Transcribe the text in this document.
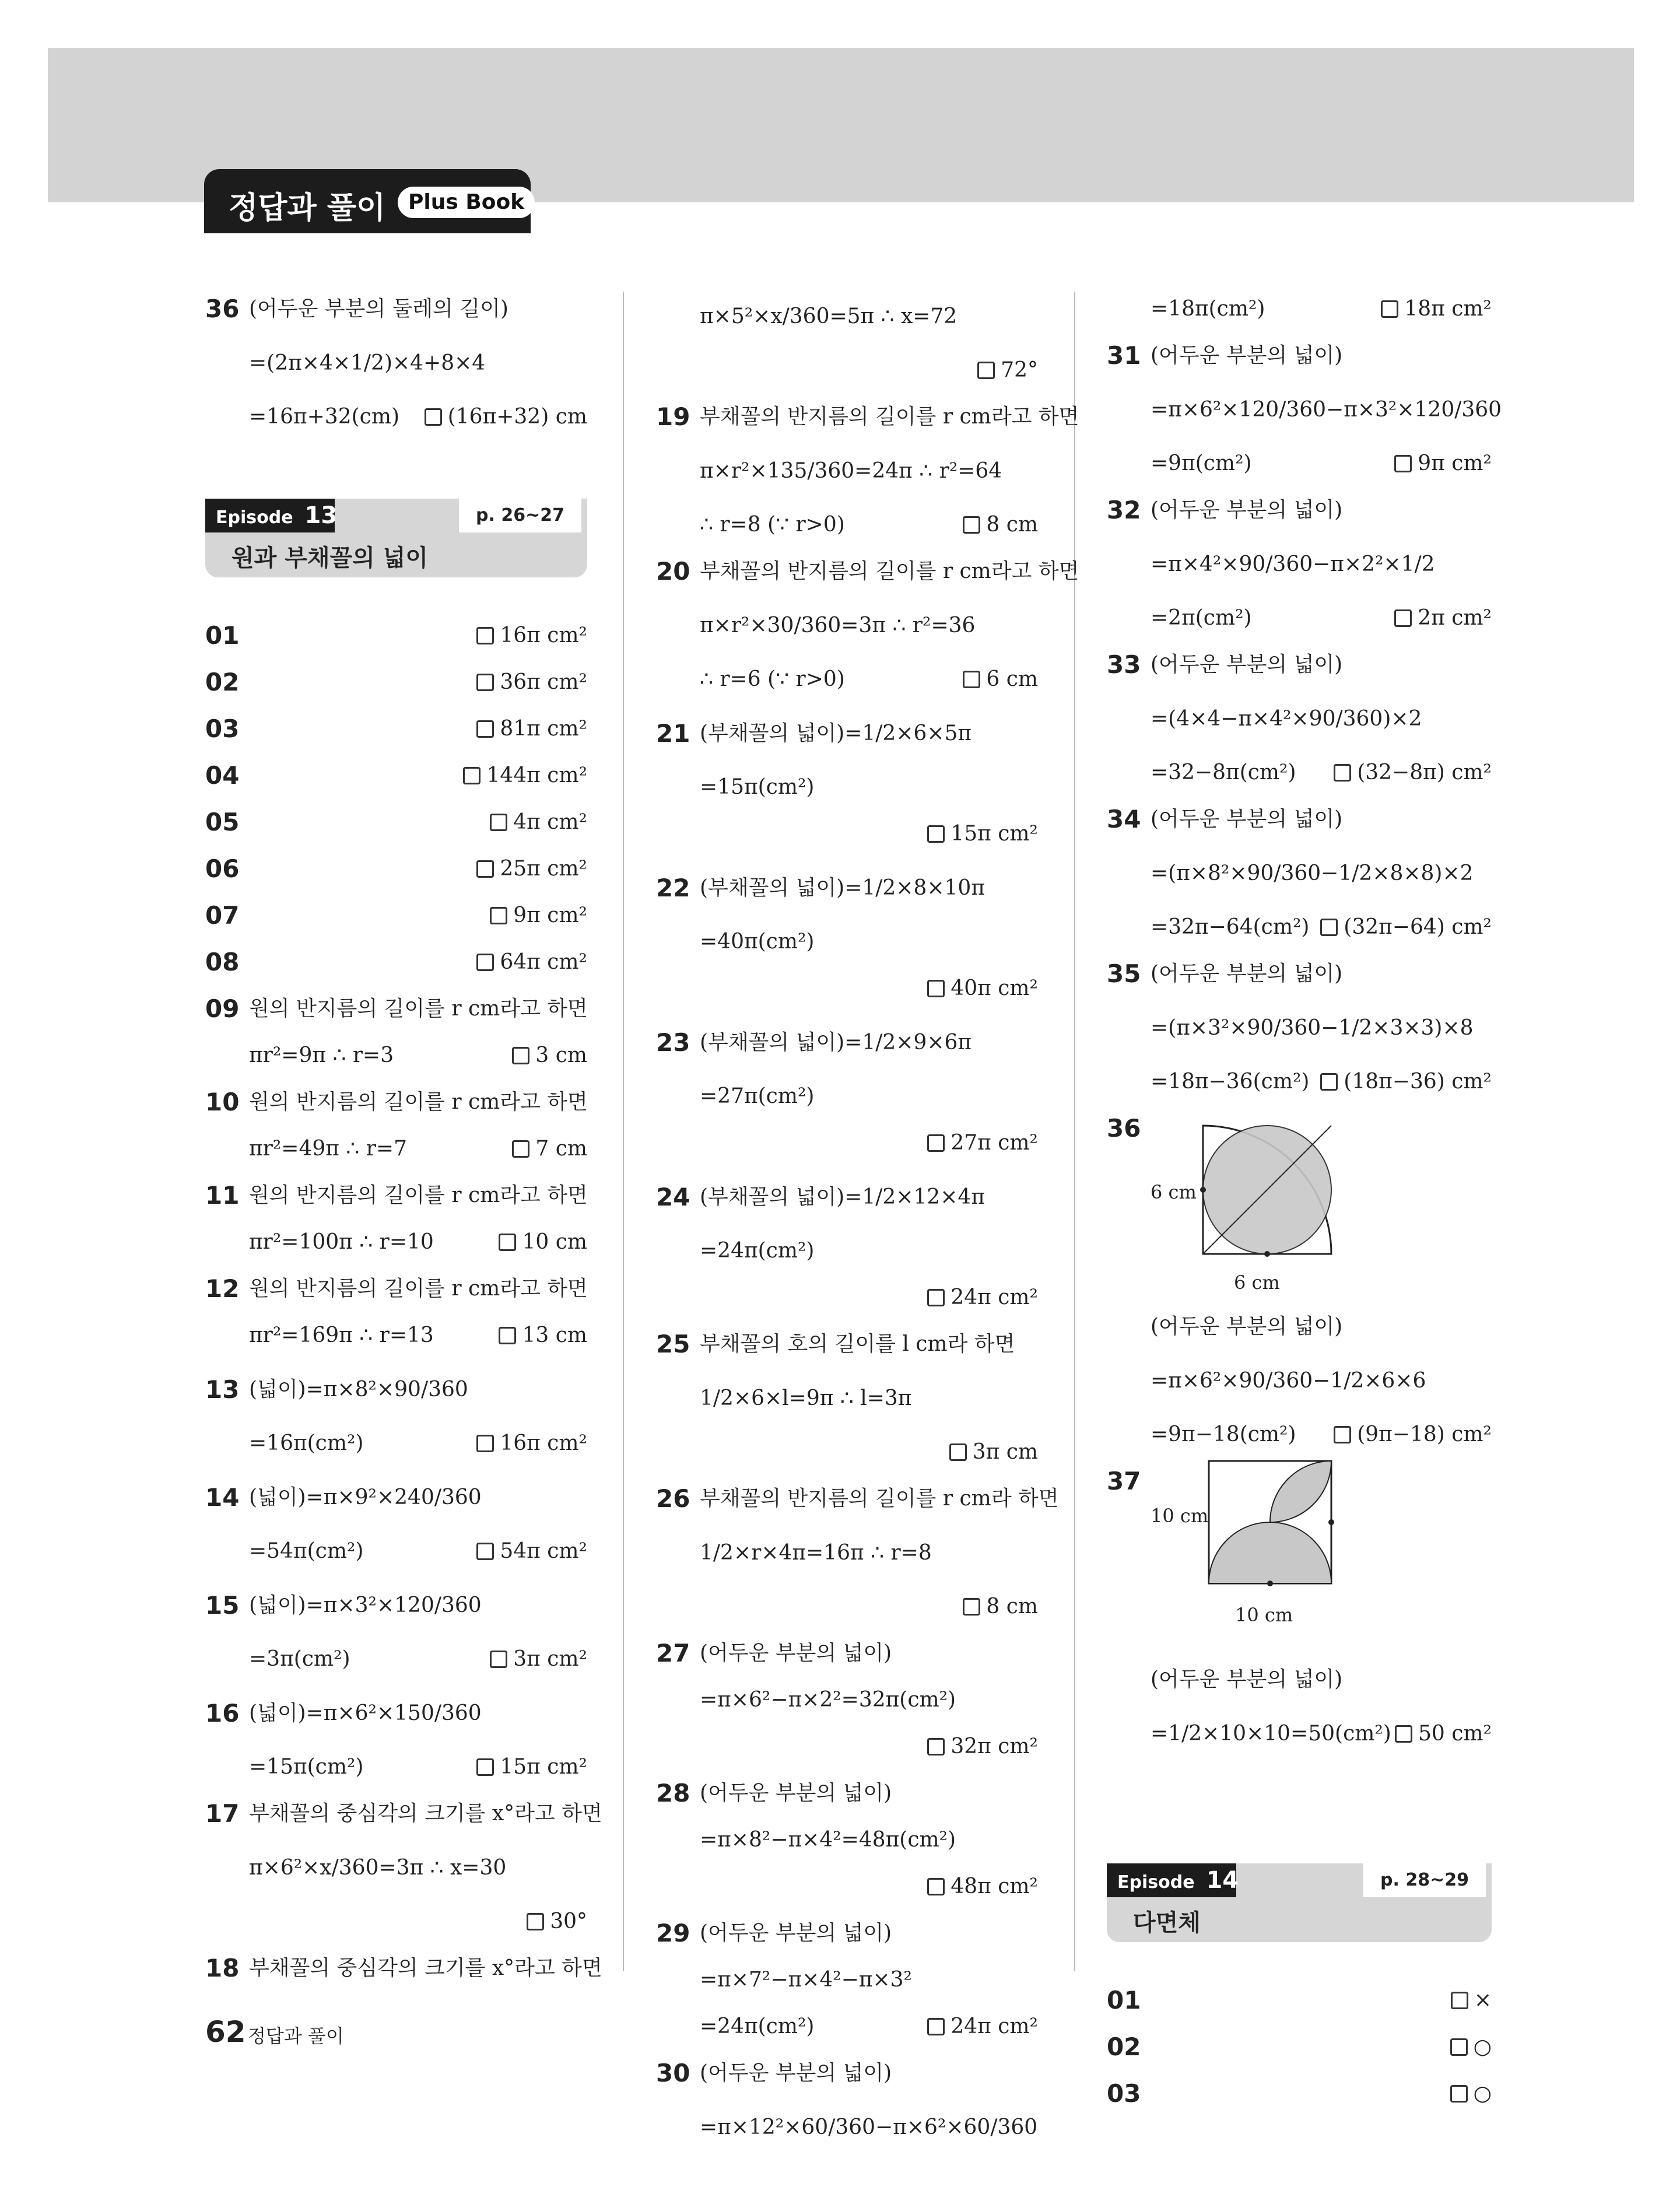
정답과 풀이	Plus Book
36 (어두운 부분의 둘레의 길이)
=(2π×4×1/2)×4+8×4
=16π+32(cm)	(16π+32) cm
Episode 13	p. 26~27
원과 부채꼴의 넓이
01	16π cm²
02	36π cm²
03	81π cm²
04	144π cm²
05	4π cm²
06	25π cm²
07	9π cm²
08	64π cm²
09 원의 반지름의 길이를 r cm라고 하면
πr²=9π ∴ r=3	3 cm
10 원의 반지름의 길이를 r cm라고 하면
πr²=49π ∴ r=7	7 cm
11 원의 반지름의 길이를 r cm라고 하면
πr²=100π ∴ r=10	10 cm
12 원의 반지름의 길이를 r cm라고 하면
πr²=169π ∴ r=13	13 cm
13 (넓이)=π×8²×90/360
=16π(cm²)	16π cm²
14 (넓이)=π×9²×240/360
=54π(cm²)	54π cm²
15 (넓이)=π×3²×120/360
=3π(cm²)	3π cm²
16 (넓이)=π×6²×150/360
=15π(cm²)	15π cm²
17 부채꼴의 중심각의 크기를 x°라고 하면
π×6²×x/360=3π ∴ x=30
30°
18 부채꼴의 중심각의 크기를 x°라고 하면
π×5²×x/360=5π ∴ x=72
72°
19 부채꼴의 반지름의 길이를 r cm라고 하면
π×r²×135/360=24π ∴ r²=64
∴ r=8 (∵ r>0)	8 cm
20 부채꼴의 반지름의 길이를 r cm라고 하면
π×r²×30/360=3π ∴ r²=36
∴ r=6 (∵ r>0)	6 cm
21 (부채꼴의 넓이)=1/2×6×5π
=15π(cm²)
15π cm²
22 (부채꼴의 넓이)=1/2×8×10π
=40π(cm²)
40π cm²
23 (부채꼴의 넓이)=1/2×9×6π
=27π(cm²)
27π cm²
24 (부채꼴의 넓이)=1/2×12×4π
=24π(cm²)
24π cm²
25 부채꼴의 호의 길이를 l cm라 하면
1/2×6×l=9π ∴ l=3π
3π cm
26 부채꼴의 반지름의 길이를 r cm라 하면
1/2×r×4π=16π ∴ r=8
8 cm
27 (어두운 부분의 넓이)
=π×6²−π×2²=32π(cm²)
32π cm²
28 (어두운 부분의 넓이)
=π×8²−π×4²=48π(cm²)
48π cm²
29 (어두운 부분의 넓이)
=π×7²−π×4²−π×3²
=24π(cm²)	24π cm²
30 (어두운 부분의 넓이)
=π×12²×60/360−π×6²×60/360
=18π(cm²)	18π cm²
31 (어두운 부분의 넓이)
=π×6²×120/360−π×3²×120/360
=9π(cm²)	9π cm²
32 (어두운 부분의 넓이)
=π×4²×90/360−π×2²×1/2
=2π(cm²)	2π cm²
33 (어두운 부분의 넓이)
=(4×4−π×4²×90/360)×2
=32−8π(cm²)	(32−8π) cm²
34 (어두운 부분의 넓이)
=(π×8²×90/360−1/2×8×8)×2
=32π−64(cm²)	(32π−64) cm²
35 (어두운 부분의 넓이)
=(π×3²×90/360−1/2×3×3)×8
=18π−36(cm²)	(18π−36) cm²
36
6 cm
6 cm
(어두운 부분의 넓이)
=π×6²×90/360−1/2×6×6
=9π−18(cm²)	(9π−18) cm²
37
10 cm
10 cm
(어두운 부분의 넓이)
=1/2×10×10=50(cm²)	50 cm²
Episode 14	p. 28~29
다면체
01	×
02	○
03	○
62 정답과 풀이
